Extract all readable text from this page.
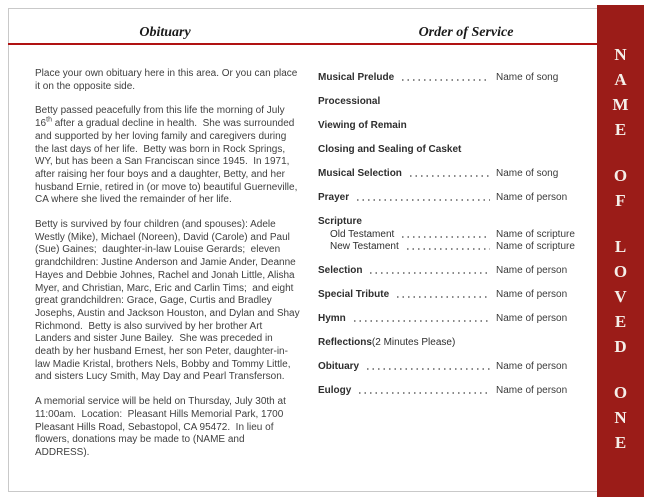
Obituary	Order of Service

Place your own obituary here in this area. Or you can place it on the opposite side.

Betty passed peacefully from this life the morning of July 16th after a gradual decline in health.  She was surrounded and supported by her loving family and caregivers during the last days of her life.  Betty was born in Rock Springs, WY, but has been a San Franciscan since 1945.  In 1971, after raising her four boys and a daughter, Betty, and her husband Ernie, retired in (or move to) beautiful Guerneville, CA where she lived the remainder of her life.

Betty is survived by four children (and spouses): Adele Westly (Mike), Michael (Noreen), David (Carole) and Paul (Sue) Gaines;  daughter-in-law Louise Gerards;  eleven grandchildren: Justine Anderson and Jamie Ander, Deanne Hayes and Debbie Johnes, Rachel and Jonah Little, Alisha Myer, and Christian, Marc, Eric and Carlin Tims;  and eight great grandchildren: Grace, Gage, Curtis and Bradley Josephs, Austin and Jackson Houston, and Dylan and Shay Richmond.  Betty is also survived by her brother Art Landers and sister June Bailey.  She was preceded in death by her husband Ernest, her son Peter, daughter-in-law Madie Kristal, brothers Nels, Bobby and Tommy Little, and sisters Lucy Smith, May Day and Pearl Transferson.

A memorial service will be held on Thursday, July 30th at 11:00am.  Location:  Pleasant Hills Memorial Park, 1700 Pleasant Hills Road, Sebastopol, CA 95472.  In lieu of flowers, donations may be made to (NAME and ADDRESS).

Musical Prelude	Name of song
Processional
Viewing of Remain
Closing and Sealing of Casket
Musical Selection	Name of song
Prayer	Name of person
Scripture
Old Testament	Name of scripture
New Testament	Name of scripture
Selection	Name of person
Special Tribute	Name of person
Hymn	Name of person
Reflections (2 Minutes Please)
Obituary	Name of person
Eulogy	Name of person
N
A
M
E
O
F
L
O
V
E
D
O
N
E
